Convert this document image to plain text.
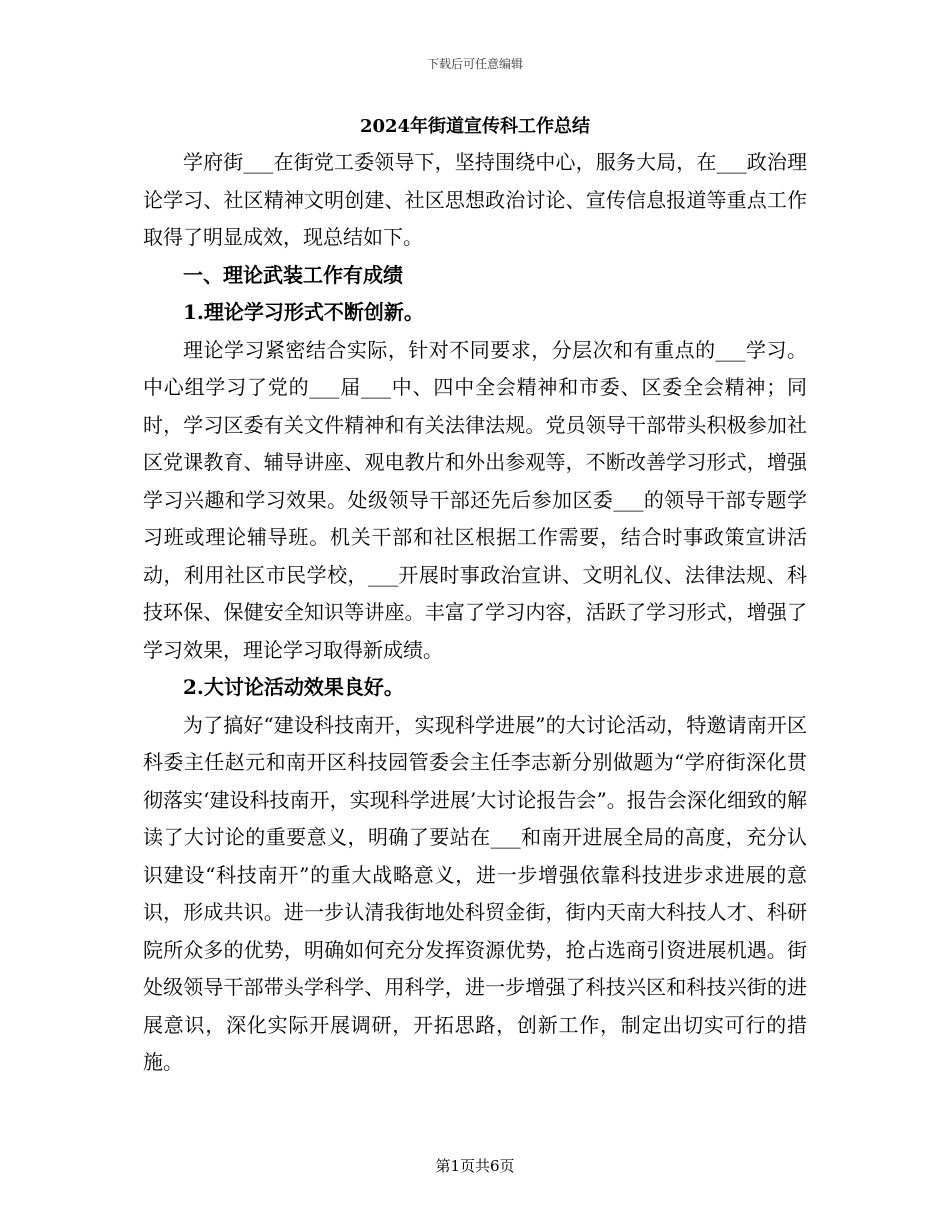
下载后可任意编辑
2024年街道宣传科工作总结

学府街___在街党工委领导下，坚持围绕中心，服务大局，在___政治理论学习、社区精神文明创建、社区思想政治讨论、宣传信息报道等重点工作取得了明显成效，现总结如下。

一、理论武装工作有成绩

1.理论学习形式不断创新。

理论学习紧密结合实际，针对不同要求，分层次和有重点的___学习。中心组学习了党的___届___中、四中全会精神和市委、区委全会精神；同时，学习区委有关文件精神和有关法律法规。党员领导干部带头积极参加社区党课教育、辅导讲座、观电教片和外出参观等，不断改善学习形式，增强学习兴趣和学习效果。处级领导干部还先后参加区委___的领导干部专题学习班或理论辅导班。机关干部和社区根据工作需要，结合时事政策宣讲活动，利用社区市民学校，___开展时事政治宣讲、文明礼仪、法律法规、科技环保、保健安全知识等讲座。丰富了学习内容，活跃了学习形式，增强了学习效果，理论学习取得新成绩。

2.大讨论活动效果良好。

为了搞好“建设科技南开，实现科学进展”的大讨论活动，特邀请南开区科委主任赵元和南开区科技园管委会主任李志新分别做题为“学府街深化贯彻落实‘建设科技南开，实现科学进展’大讨论报告会”。报告会深化细致的解读了大讨论的重要意义，明确了要站在___和南开进展全局的高度，充分认识建设“科技南开”的重大战略意义，进一步增强依靠科技进步求进展的意识，形成共识。进一步认清我街地处科贸金街，街内天南大科技人才、科研院所众多的优势，明确如何充分发挥资源优势，抢占选商引资进展机遇。街处级领导干部带头学科学、用科学，进一步增强了科技兴区和科技兴街的进展意识，深化实际开展调研，开拓思路，创新工作，制定出切实可行的措施。

第1页共6页
